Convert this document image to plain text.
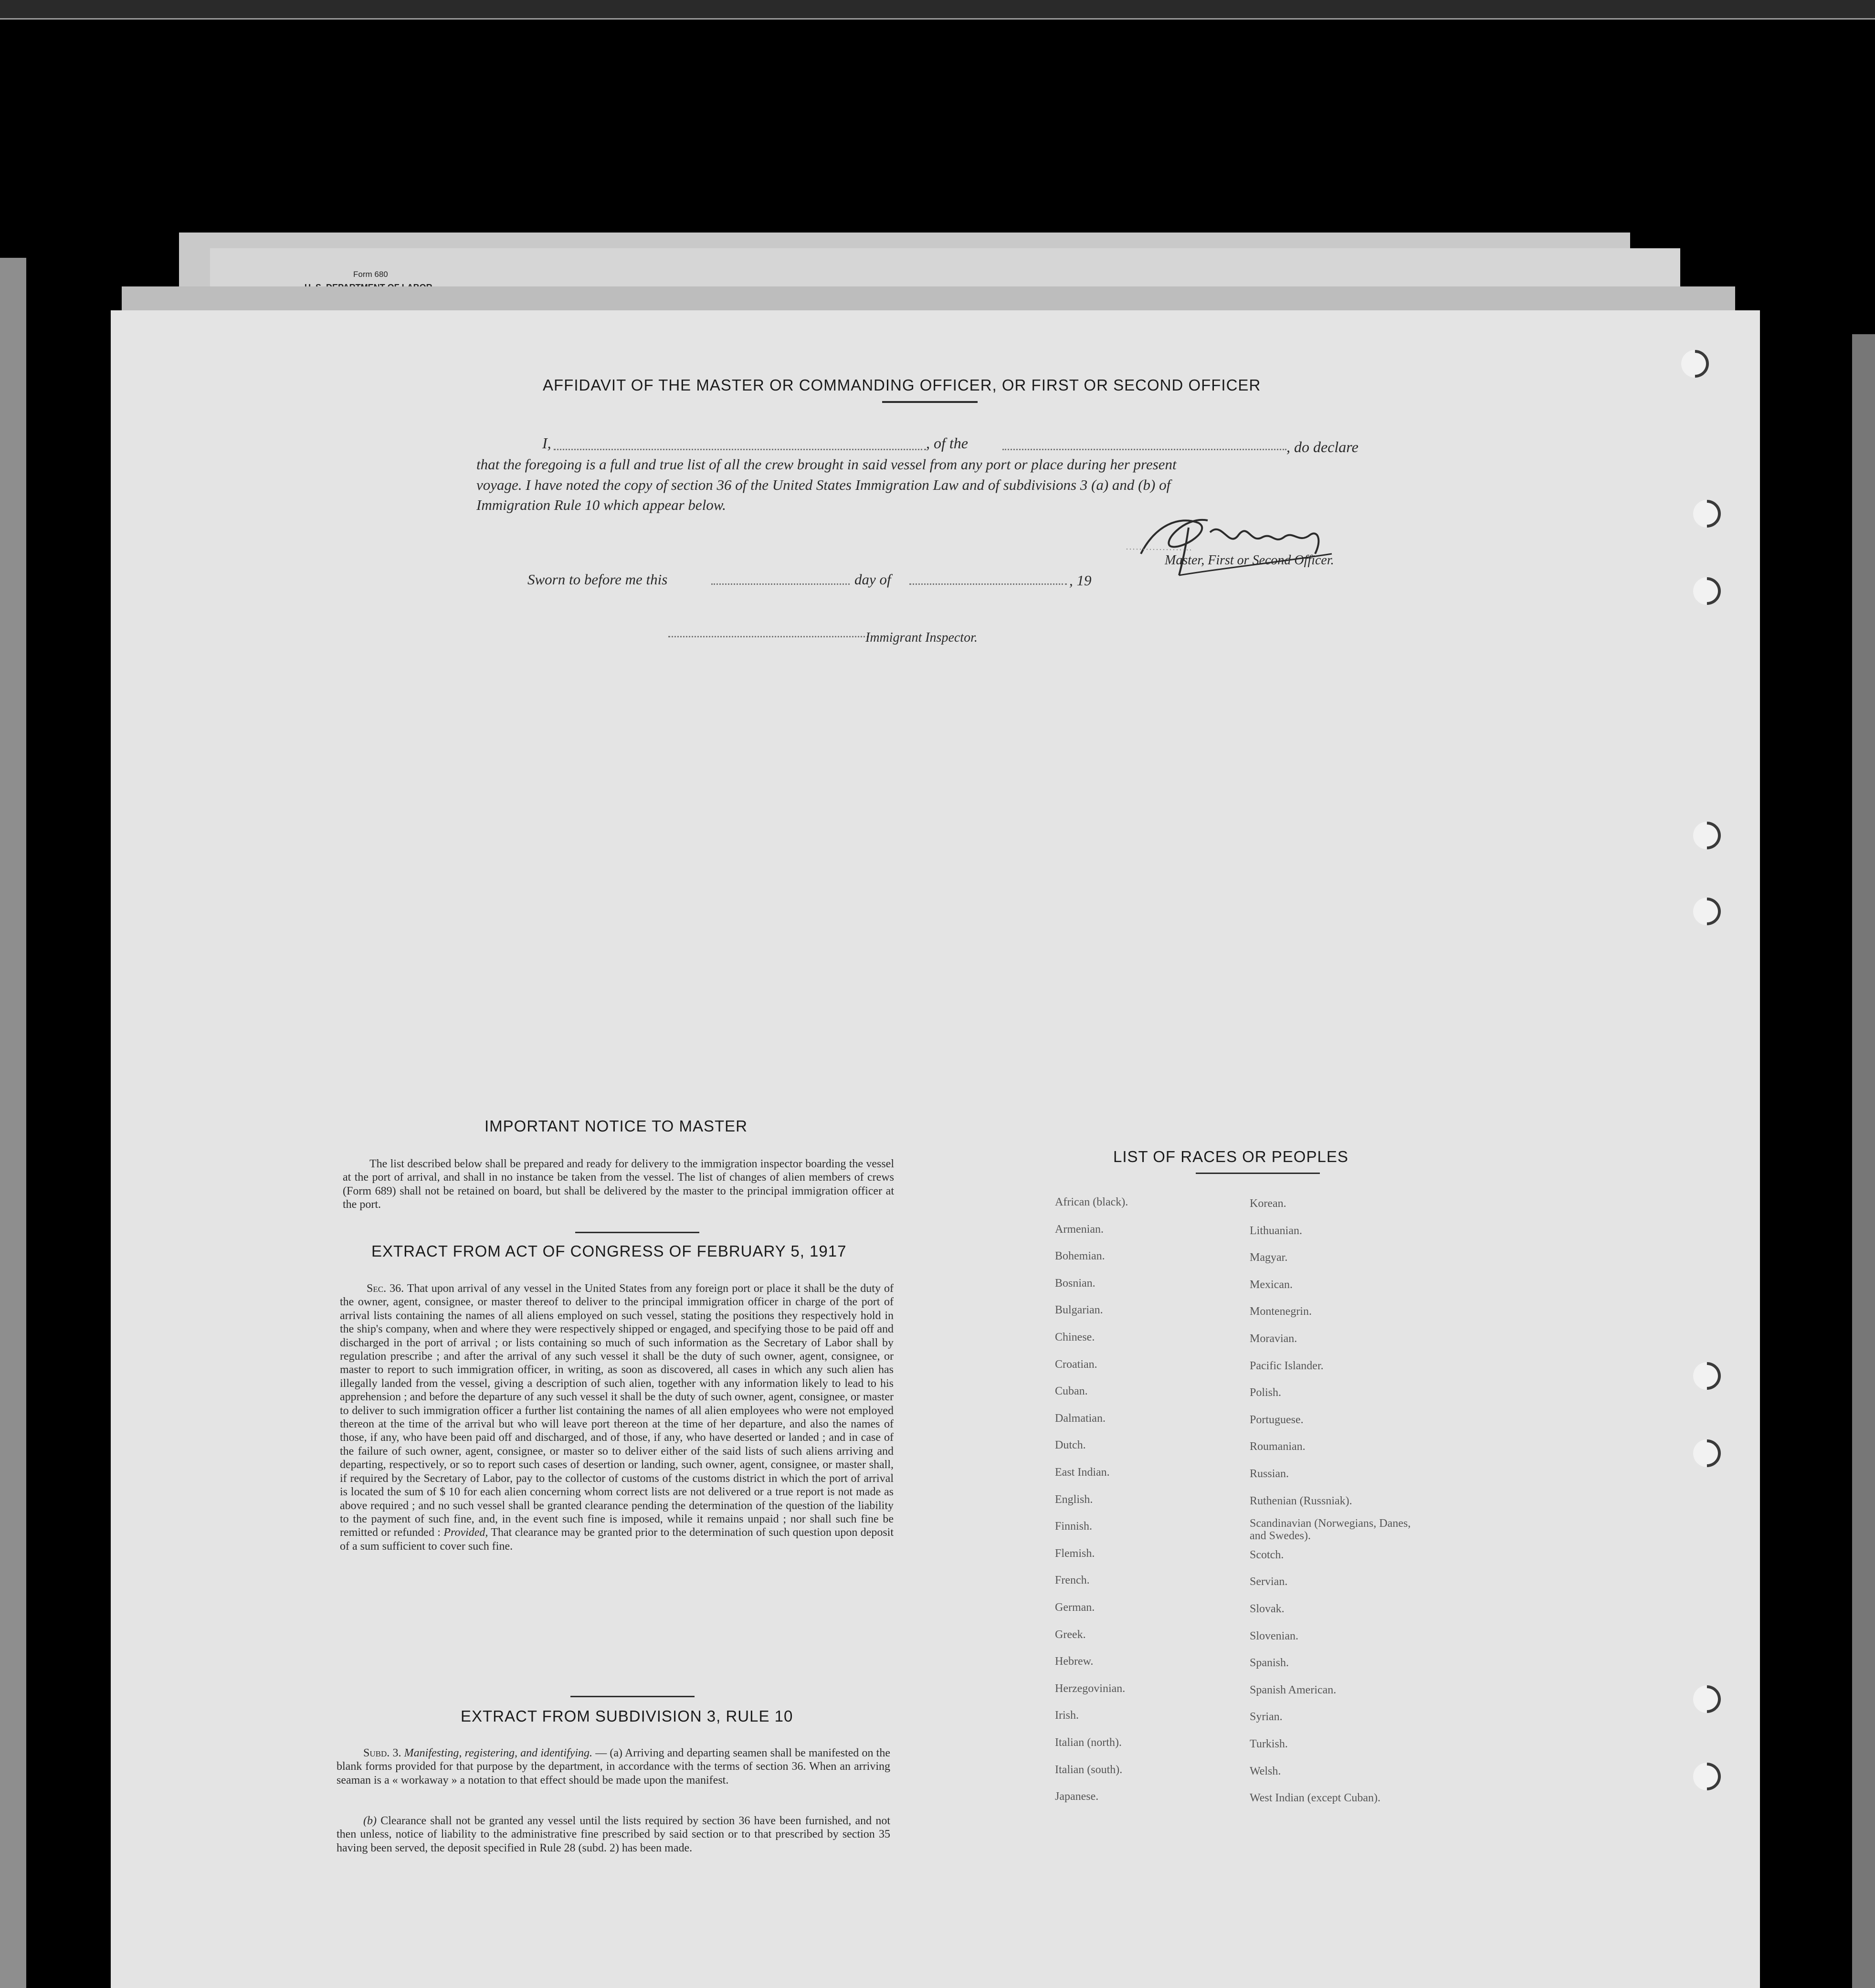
Form 680
AFFIDAVIT OF THE MASTER OR COMMANDING OFFICER, OR FIRST OR SECOND OFFICER
I,	, of the	, do declare
that the foregoing is a full and true list of all the crew brought in said vessel from any port or place during her present
voyage. I have noted the copy of section 36 of the United States Immigration Law and of subdivisions 3 (a) and (b) of
Immigration Rule 10 which appear below.
Master, First or Second Officer.
Sworn to before me this	day of	, 19
Immigrant Inspector.
IMPORTANT NOTICE TO MASTER
The list described below shall be prepared and ready for delivery to the immigration inspector boarding the vessel at the port of arrival, and shall in no instance be taken from the vessel. The list of changes of alien members of crews (Form 689) shall not be retained on board, but shall be delivered by the master to the principal immigration officer at the port.
EXTRACT FROM ACT OF CONGRESS OF FEBRUARY 5, 1917
Sec. 36. That upon arrival of any vessel in the United States from any foreign port or place it shall be the duty of the owner, agent, consignee, or master thereof to deliver to the principal immigration officer in charge of the port of arrival lists containing the names of all aliens employed on such vessel, stating the positions they respectively hold in the ship's company, when and where they were respectively shipped or engaged, and specifying those to be paid off and discharged in the port of arrival ; or lists containing so much of such information as the Secretary of Labor shall by regulation prescribe ; and after the arrival of any such vessel it shall be the duty of such owner, agent, consignee, or master to report to such immigration officer, in writing, as soon as discovered, all cases in which any such alien has illegally landed from the vessel, giving a description of such alien, together with any information likely to lead to his apprehension ; and before the departure of any such vessel it shall be the duty of such owner, agent, consignee, or master to deliver to such immigration officer a further list containing the names of all alien employees who were not employed thereon at the time of the arrival but who will leave port thereon at the time of her departure, and also the names of those, if any, who have been paid off and discharged, and of those, if any, who have deserted or landed ; and in case of the failure of such owner, agent, consignee, or master so to deliver either of the said lists of such aliens arriving and departing, respectively, or so to report such cases of desertion or landing, such owner, agent, consignee, or master shall, if required by the Secretary of Labor, pay to the collector of customs of the customs district in which the port of arrival is located the sum of $ 10 for each alien concerning whom correct lists are not delivered or a true report is not made as above required ; and no such vessel shall be granted clearance pending the determination of the question of the liability to the payment of such fine, and, in the event such fine is imposed, while it remains unpaid ; nor shall such fine be remitted or refunded : Provided, That clearance may be granted prior to the determination of such question upon deposit of a sum sufficient to cover such fine.
EXTRACT FROM SUBDIVISION 3, RULE 10
Subd. 3. Manifesting, registering, and identifying. — (a) Arriving and departing seamen shall be manifested on the blank forms provided for that purpose by the department, in accordance with the terms of section 36. When an arriving seaman is a « workaway » a notation to that effect should be made upon the manifest.
(b) Clearance shall not be granted any vessel until the lists required by section 36 have been furnished, and not then unless, notice of liability to the administrative fine prescribed by said section or to that prescribed by section 35 having been served, the deposit specified in Rule 28 (subd. 2) has been made.
LIST OF RACES OR PEOPLES
African (black).
Armenian.
Bohemian.
Bosnian.
Bulgarian.
Chinese.
Croatian.
Cuban.
Dalmatian.
Dutch.
East Indian.
English.
Finnish.
Flemish.
French.
German.
Greek.
Hebrew.
Herzegovinian.
Irish.
Italian (north).
Italian (south).
Japanese.
Korean.
Lithuanian.
Magyar.
Mexican.
Montenegrin.
Moravian.
Pacific Islander.
Polish.
Portuguese.
Roumanian.
Russian.
Ruthenian (Russniak).
Scandinavian (Norwegians, Danes, and Swedes).
Scotch.
Servian.
Slovak.
Slovenian.
Spanish.
Spanish American.
Syrian.
Turkish.
Welsh.
West Indian (except Cuban).
